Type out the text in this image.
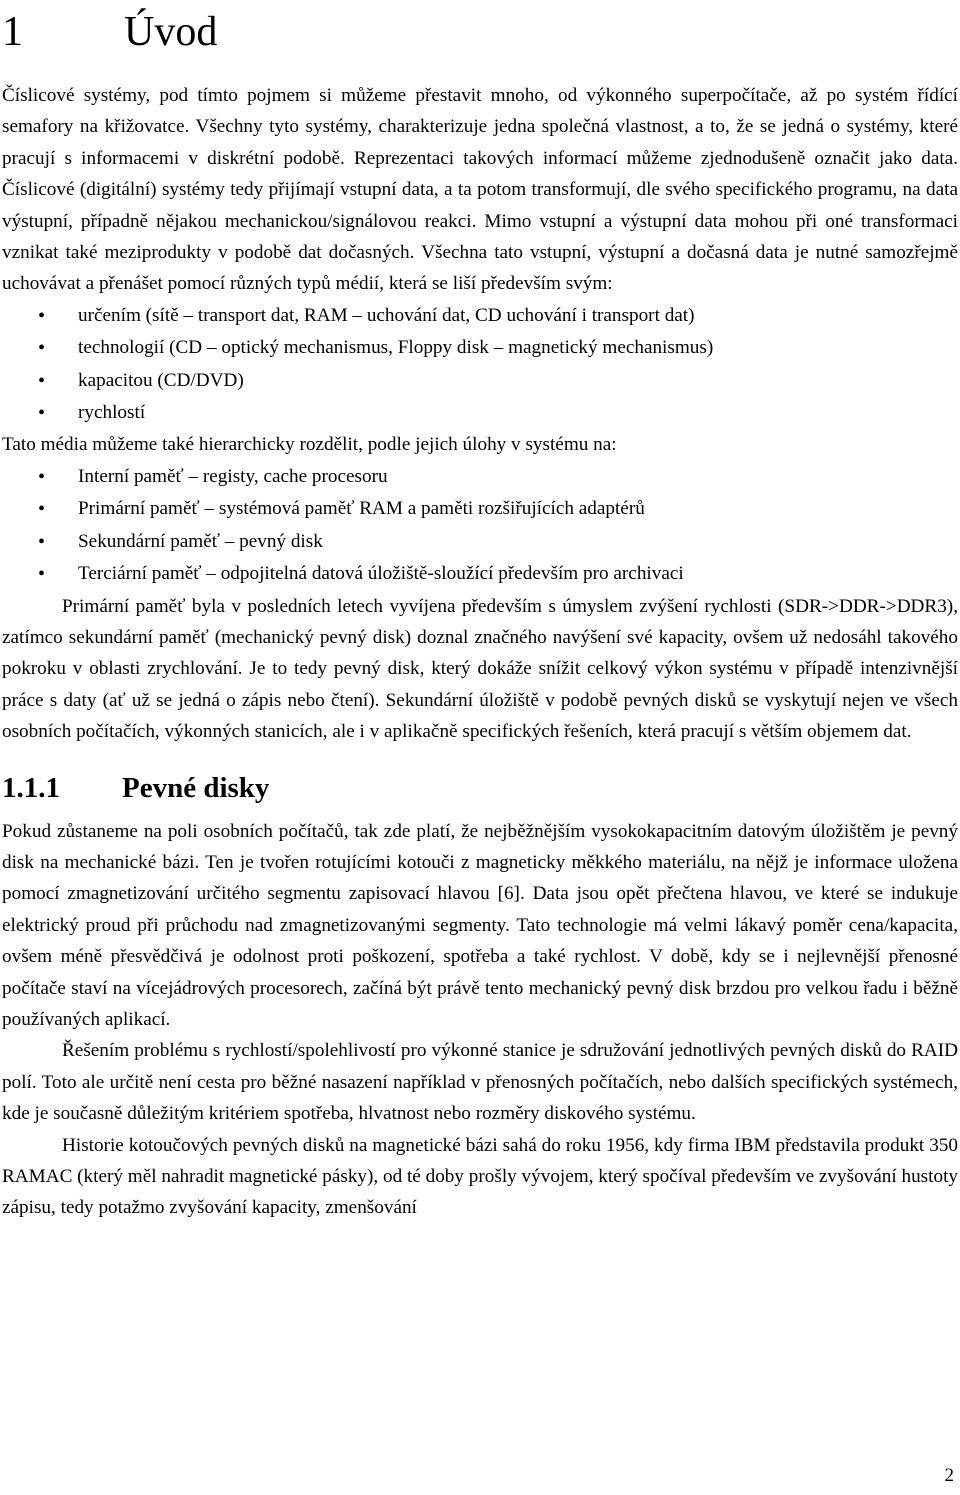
1 Úvod

Číslicové systémy, pod tímto pojmem si můžeme přestavit mnoho, od výkonného superpočítače, až po systém řídící semafory na křižovatce. Všechny tyto systémy, charakterizuje jedna společná vlastnost, a to, že se jedná o systémy, které pracují s informacemi v diskrétní podobě. Reprezentaci takových informací můžeme zjednodušeně označit jako data. Číslicové (digitální) systémy tedy přijímají vstupní data, a ta potom transformují, dle svého specifického programu, na data výstupní, případně nějakou mechanickou/signálovou reakci. Mimo vstupní a výstupní data mohou při oné transformaci vznikat také meziprodukty v podobě dat dočasných. Všechna tato vstupní, výstupní a dočasná data je nutné samozřejmě uchovávat a přenášet pomocí různých typů médií, která se liší především svým:

• určením (sítě – transport dat, RAM – uchování dat, CD uchování i transport dat)
• technologií (CD – optický mechanismus, Floppy disk – magnetický mechanismus)
• kapacitou (CD/DVD)
• rychlostí

Tato média můžeme také hierarchicky rozdělit, podle jejich úlohy v systému na:

• Interní paměť – registy, cache procesoru
• Primární paměť – systémová paměť RAM a paměti rozšiřujících adaptérů
• Sekundární paměť – pevný disk
• Terciární paměť – odpojitelná datová úložiště-sloužící především pro archivaci

Primární paměť byla v posledních letech vyvíjena především s úmyslem zvýšení rychlosti (SDR->DDR->DDR3), zatímco sekundární paměť (mechanický pevný disk) doznal značného navýšení své kapacity, ovšem už nedosáhl takového pokroku v oblasti zrychlování. Je to tedy pevný disk, který dokáže snížit celkový výkon systému v případě intenzivnější práce s daty (ať už se jedná o zápis nebo čtení). Sekundární úložiště v podobě pevných disků se vyskytují nejen ve všech osobních počítačích, výkonných stanicích, ale i v aplikačně specifických řešeních, která pracují s větším objemem dat.

1.1.1 Pevné disky

Pokud zůstaneme na poli osobních počítačů, tak zde platí, že nejběžnějším vysokokapacitním datovým úložištěm je pevný disk na mechanické bázi. Ten je tvořen rotujícími kotouči z magneticky měkkého materiálu, na nějž je informace uložena pomocí zmagnetizování určitého segmentu zapisovací hlavou [6]. Data jsou opět přečtena hlavou, ve které se indukuje elektrický proud při průchodu nad zmagnetizovanými segmenty. Tato technologie má velmi lákavý poměr cena/kapacita, ovšem méně přesvědčivá je odolnost proti poškození, spotřeba a také rychlost. V době, kdy se i nejlevnější přenosné počítače staví na vícejádrových procesorech, začíná být právě tento mechanický pevný disk brzdou pro velkou řadu i běžně používaných aplikací.

Řešením problému s rychlostí/spolehlivostí pro výkonné stanice je sdružování jednotlivých pevných disků do RAID polí. Toto ale určitě není cesta pro běžné nasazení například v přenosných počítačích, nebo dalších specifických systémech, kde je současně důležitým kritériem spotřeba, hlvatnost nebo rozměry diskového systému.

Historie kotoučových pevných disků na magnetické bázi sahá do roku 1956, kdy firma IBM představila produkt 350 RAMAC (který měl nahradit magnetické pásky), od té doby prošly vývojem, který spočíval především ve zvyšování hustoty zápisu, tedy potažmo zvyšování kapacity, zmenšování

2
